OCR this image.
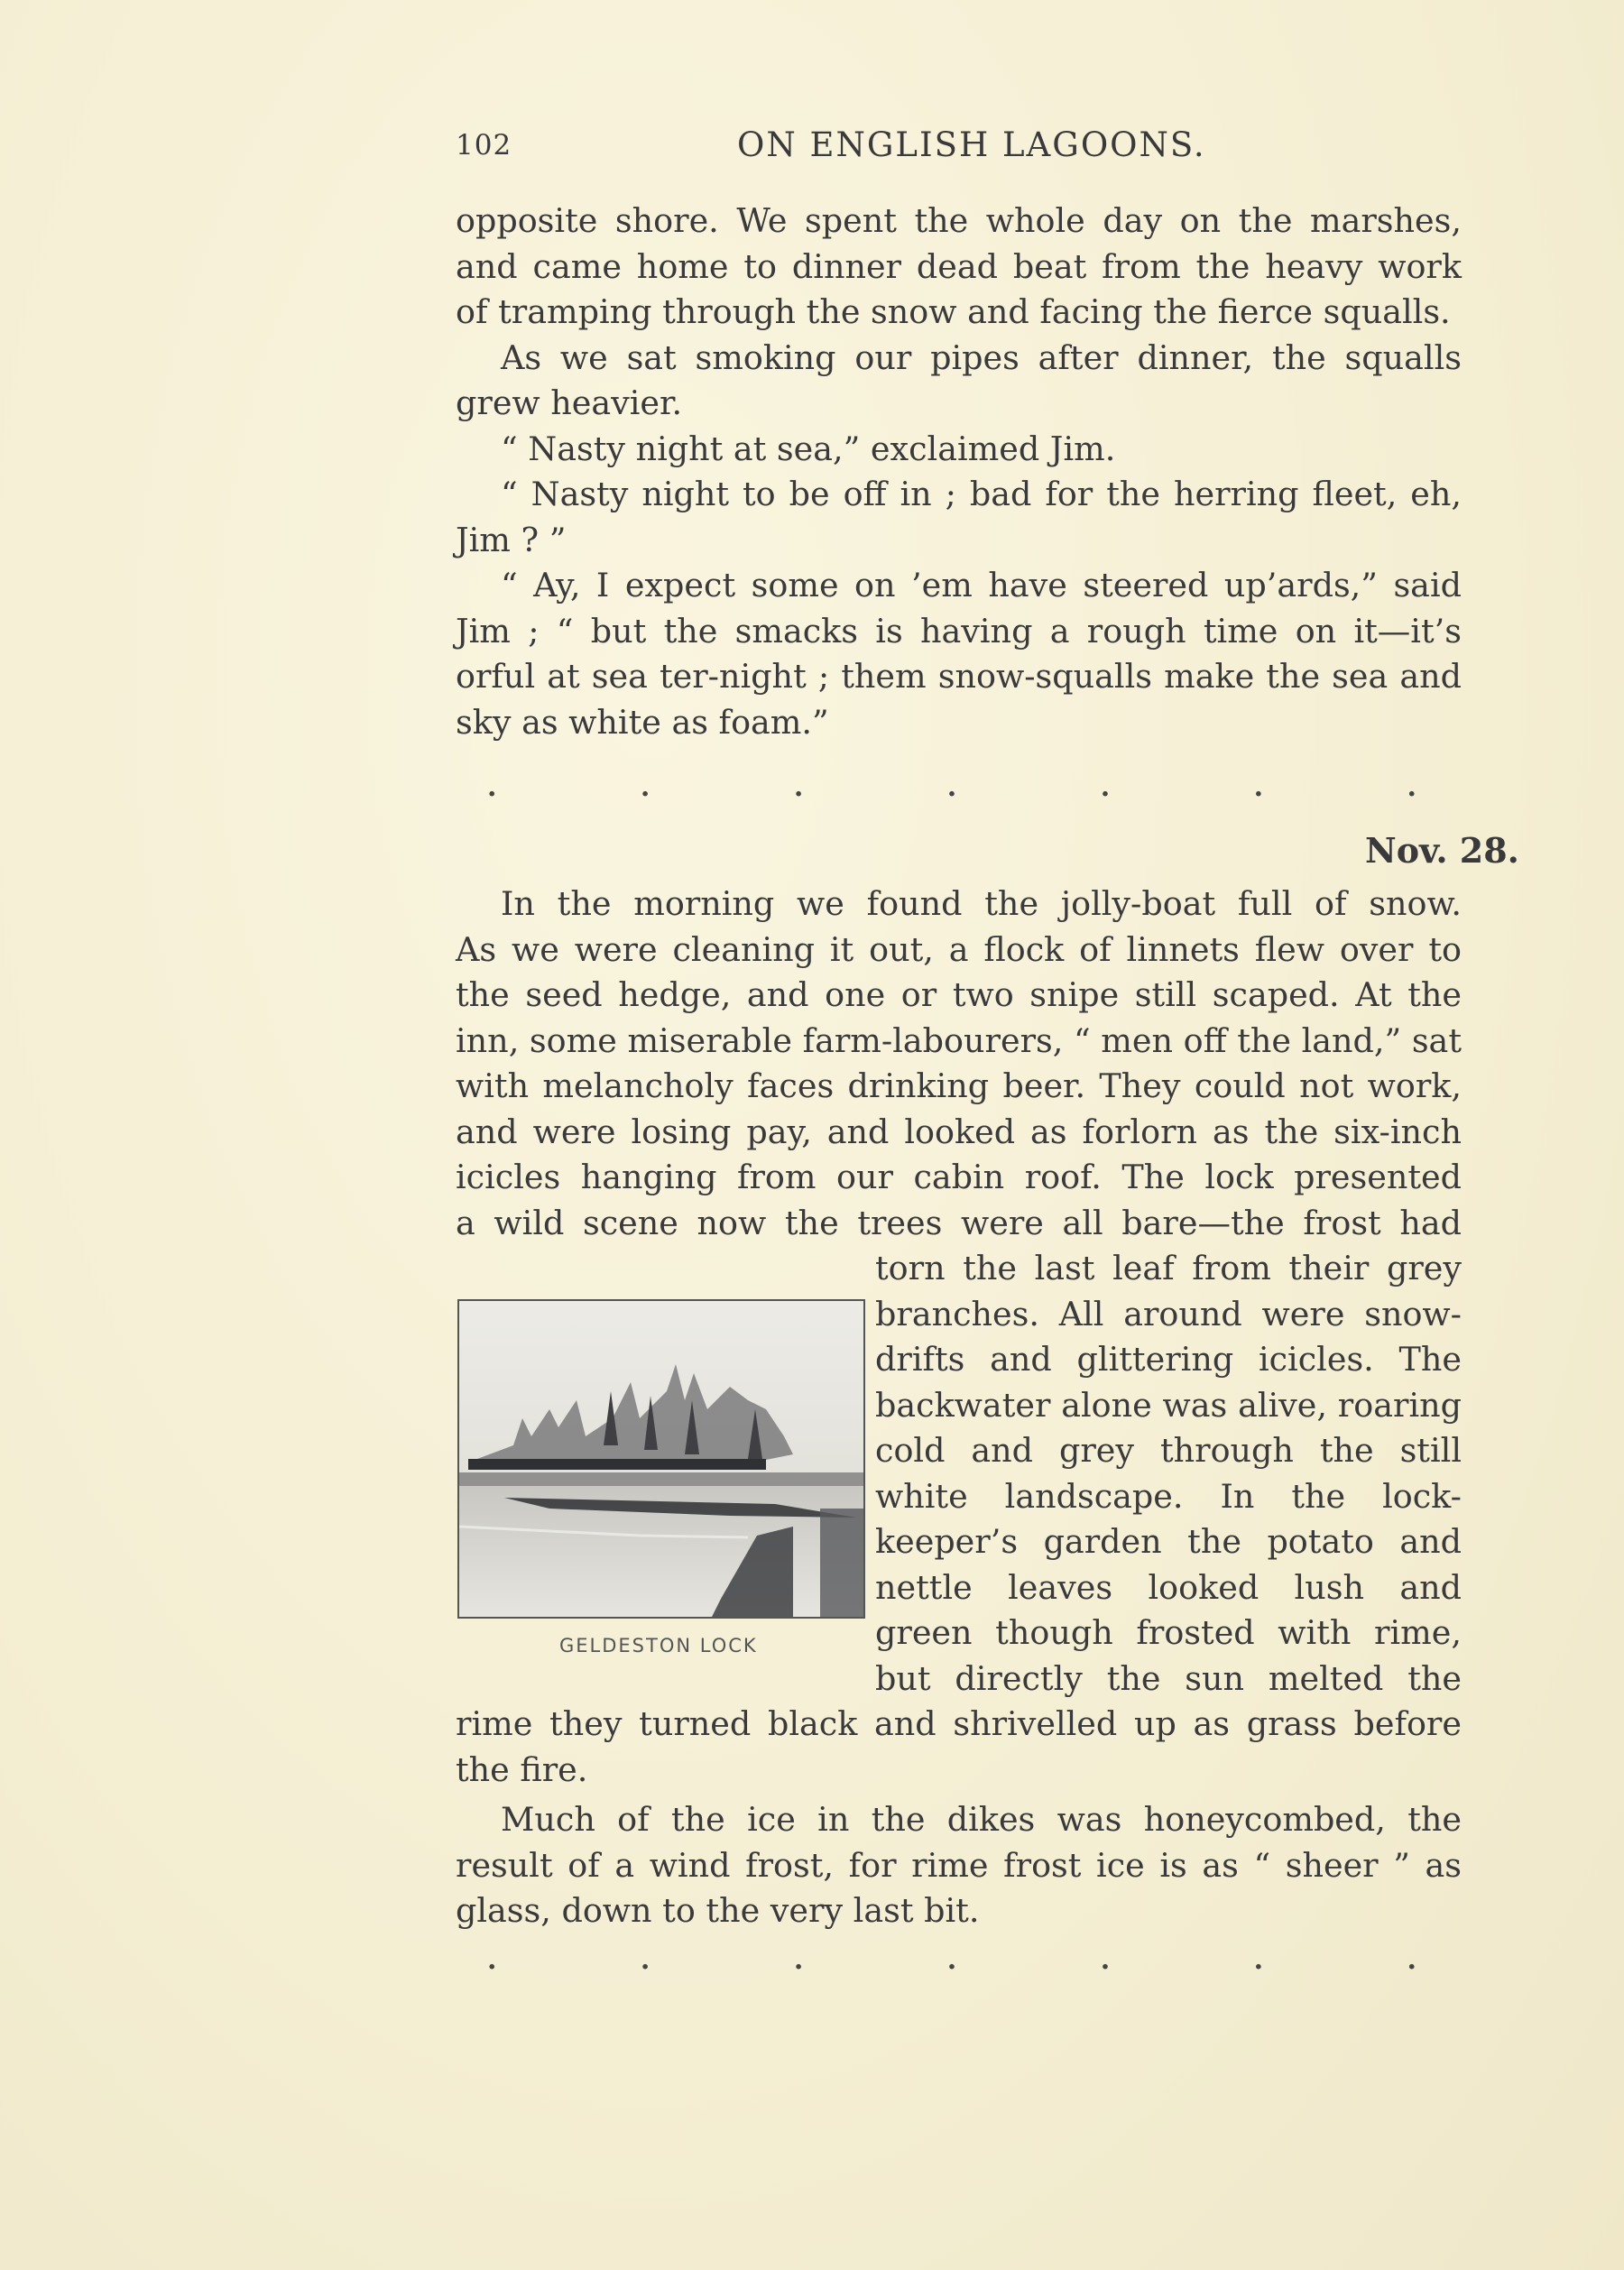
102	ON ENGLISH LAGOONS.
opposite shore. We spent the whole day on the marshes,
and came home to dinner dead beat from the heavy work
of tramping through the snow and facing the fierce squalls.
As we sat smoking our pipes after dinner, the squalls
grew heavier.
“ Nasty night at sea,” exclaimed Jim.
“ Nasty night to be off in ; bad for the herring fleet, eh,
Jim ? ”
“ Ay, I expect some on ’em have steered up’ards,” said
Jim ; “ but the smacks is having a rough time on it—it’s
orful at sea ter-night ; them snow-squalls make the sea and
sky as white as foam.”
.	.	.	.	.	.	.
Nov. 28.
In the morning we found the jolly-boat full of snow.
As we were cleaning it out, a flock of linnets flew over to
the seed hedge, and one or two snipe still scaped. At the
inn, some miserable farm-labourers, “ men off the land,” sat
with melancholy faces drinking beer. They could not work,
and were losing pay, and looked as forlorn as the six-inch
icicles hanging from our cabin roof. The lock presented
a wild scene now the trees were all bare—the frost had
torn the last leaf from their grey
branches. All around were snow-
drifts and glittering icicles. The
backwater alone was alive, roaring
cold and grey through the still
white landscape. In the lock-
keeper’s garden the potato and
nettle leaves looked lush and
green though frosted with rime,
but directly the sun melted the
GELDESTON LOCK
rime they turned black and shrivelled up as grass before
the fire.
Much of the ice in the dikes was honeycombed, the
result of a wind frost, for rime frost ice is as “ sheer ” as
glass, down to the very last bit.
.	.	.	.	.	.	.
